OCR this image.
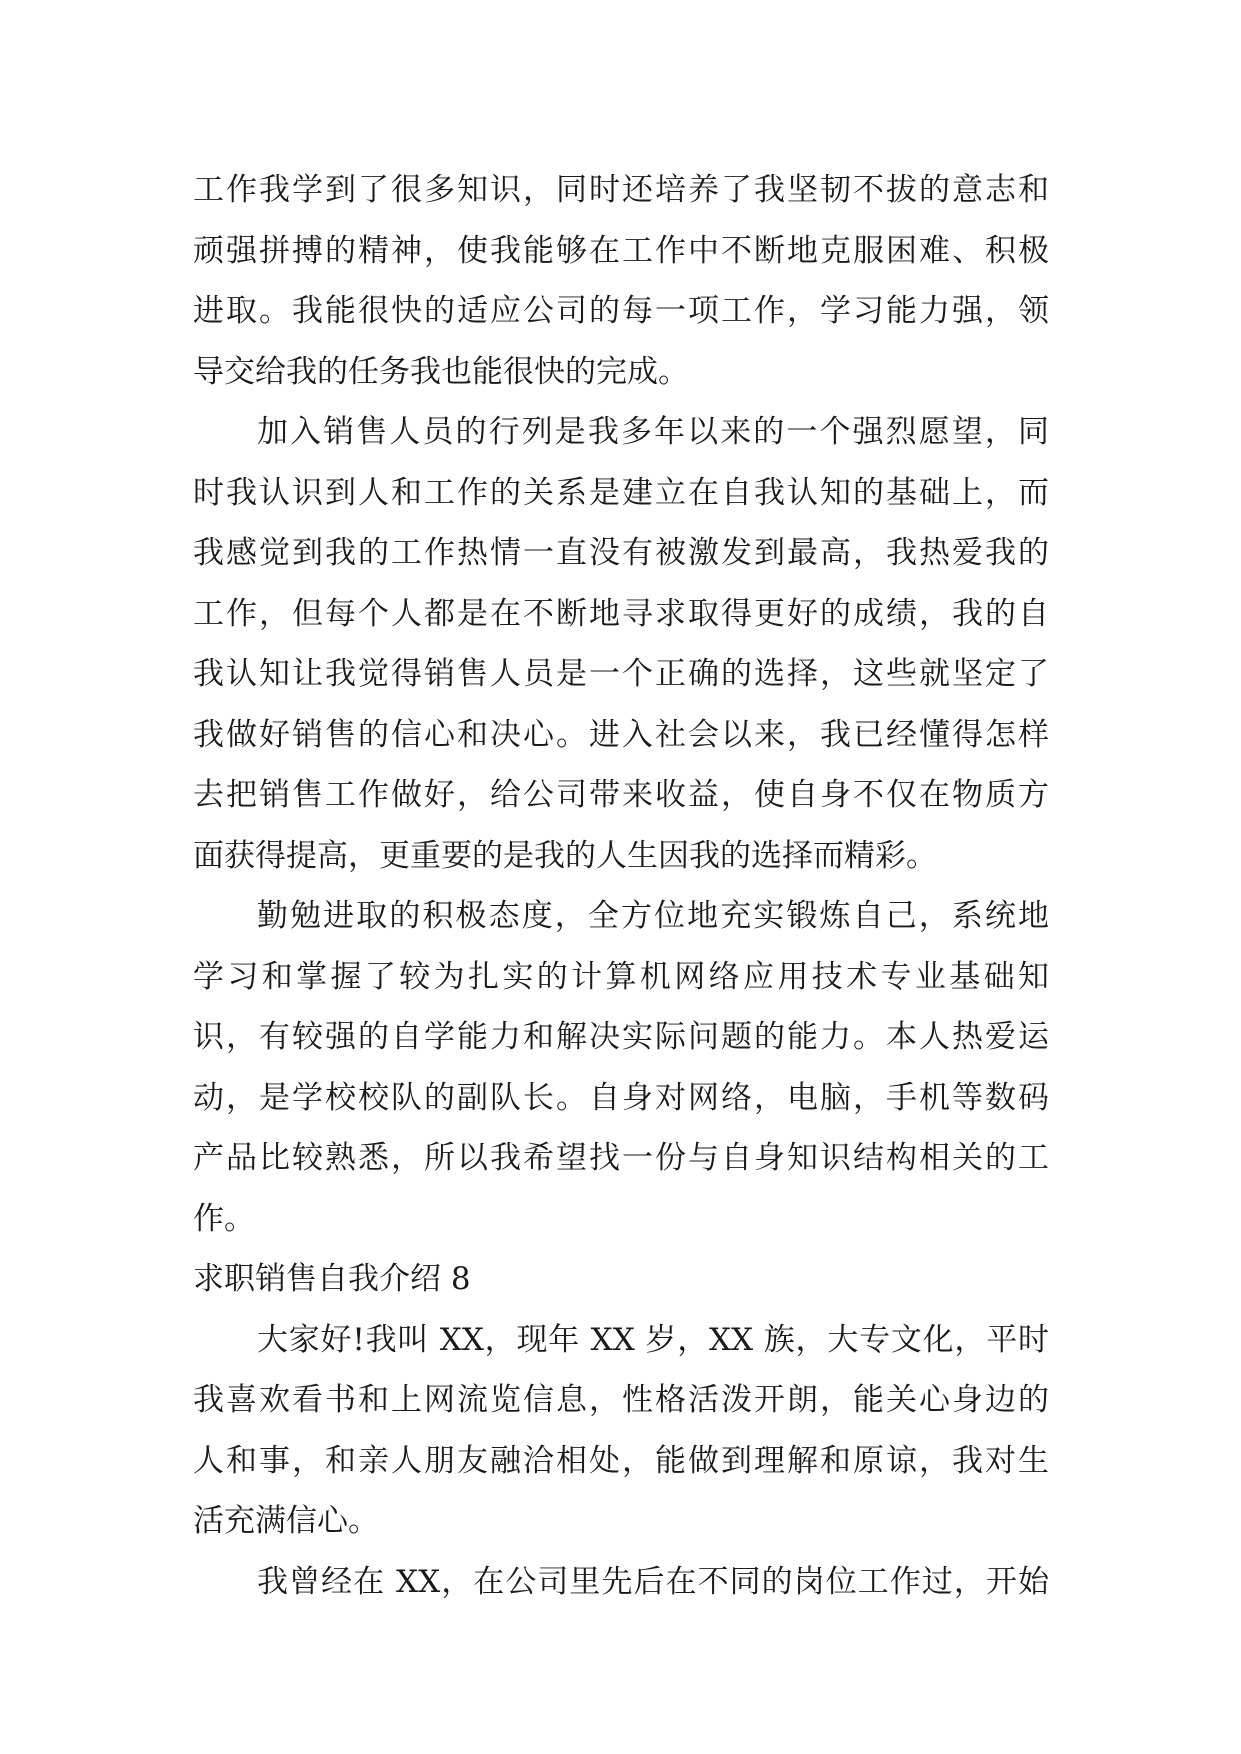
工作我学到了很多知识，同时还培养了我坚韧不拔的意志和
顽强拼搏的精神，使我能够在工作中不断地克服困难、积极
进取。我能很快的适应公司的每一项工作，学习能力强，领
导交给我的任务我也能很快的完成。
加入销售人员的行列是我多年以来的一个强烈愿望，同
时我认识到人和工作的关系是建立在自我认知的基础上，而
我感觉到我的工作热情一直没有被激发到最高，我热爱我的
工作，但每个人都是在不断地寻求取得更好的成绩，我的自
我认知让我觉得销售人员是一个正确的选择，这些就坚定了
我做好销售的信心和决心。进入社会以来，我已经懂得怎样
去把销售工作做好，给公司带来收益，使自身不仅在物质方
面获得提高，更重要的是我的人生因我的选择而精彩。
勤勉进取的积极态度，全方位地充实锻炼自己，系统地
学习和掌握了较为扎实的计算机网络应用技术专业基础知
识，有较强的自学能力和解决实际问题的能力。本人热爱运
动，是学校校队的副队长。自身对网络，电脑，手机等数码
产品比较熟悉，所以我希望找一份与自身知识结构相关的工
作。
求职销售自我介绍 8
大家好!我叫 XX，现年 XX 岁，XX 族，大专文化，平时
我喜欢看书和上网流览信息，性格活泼开朗，能关心身边的
人和事，和亲人朋友融洽相处，能做到理解和原谅，我对生
活充满信心。
我曾经在 XX，在公司里先后在不同的岗位工作过，开始
